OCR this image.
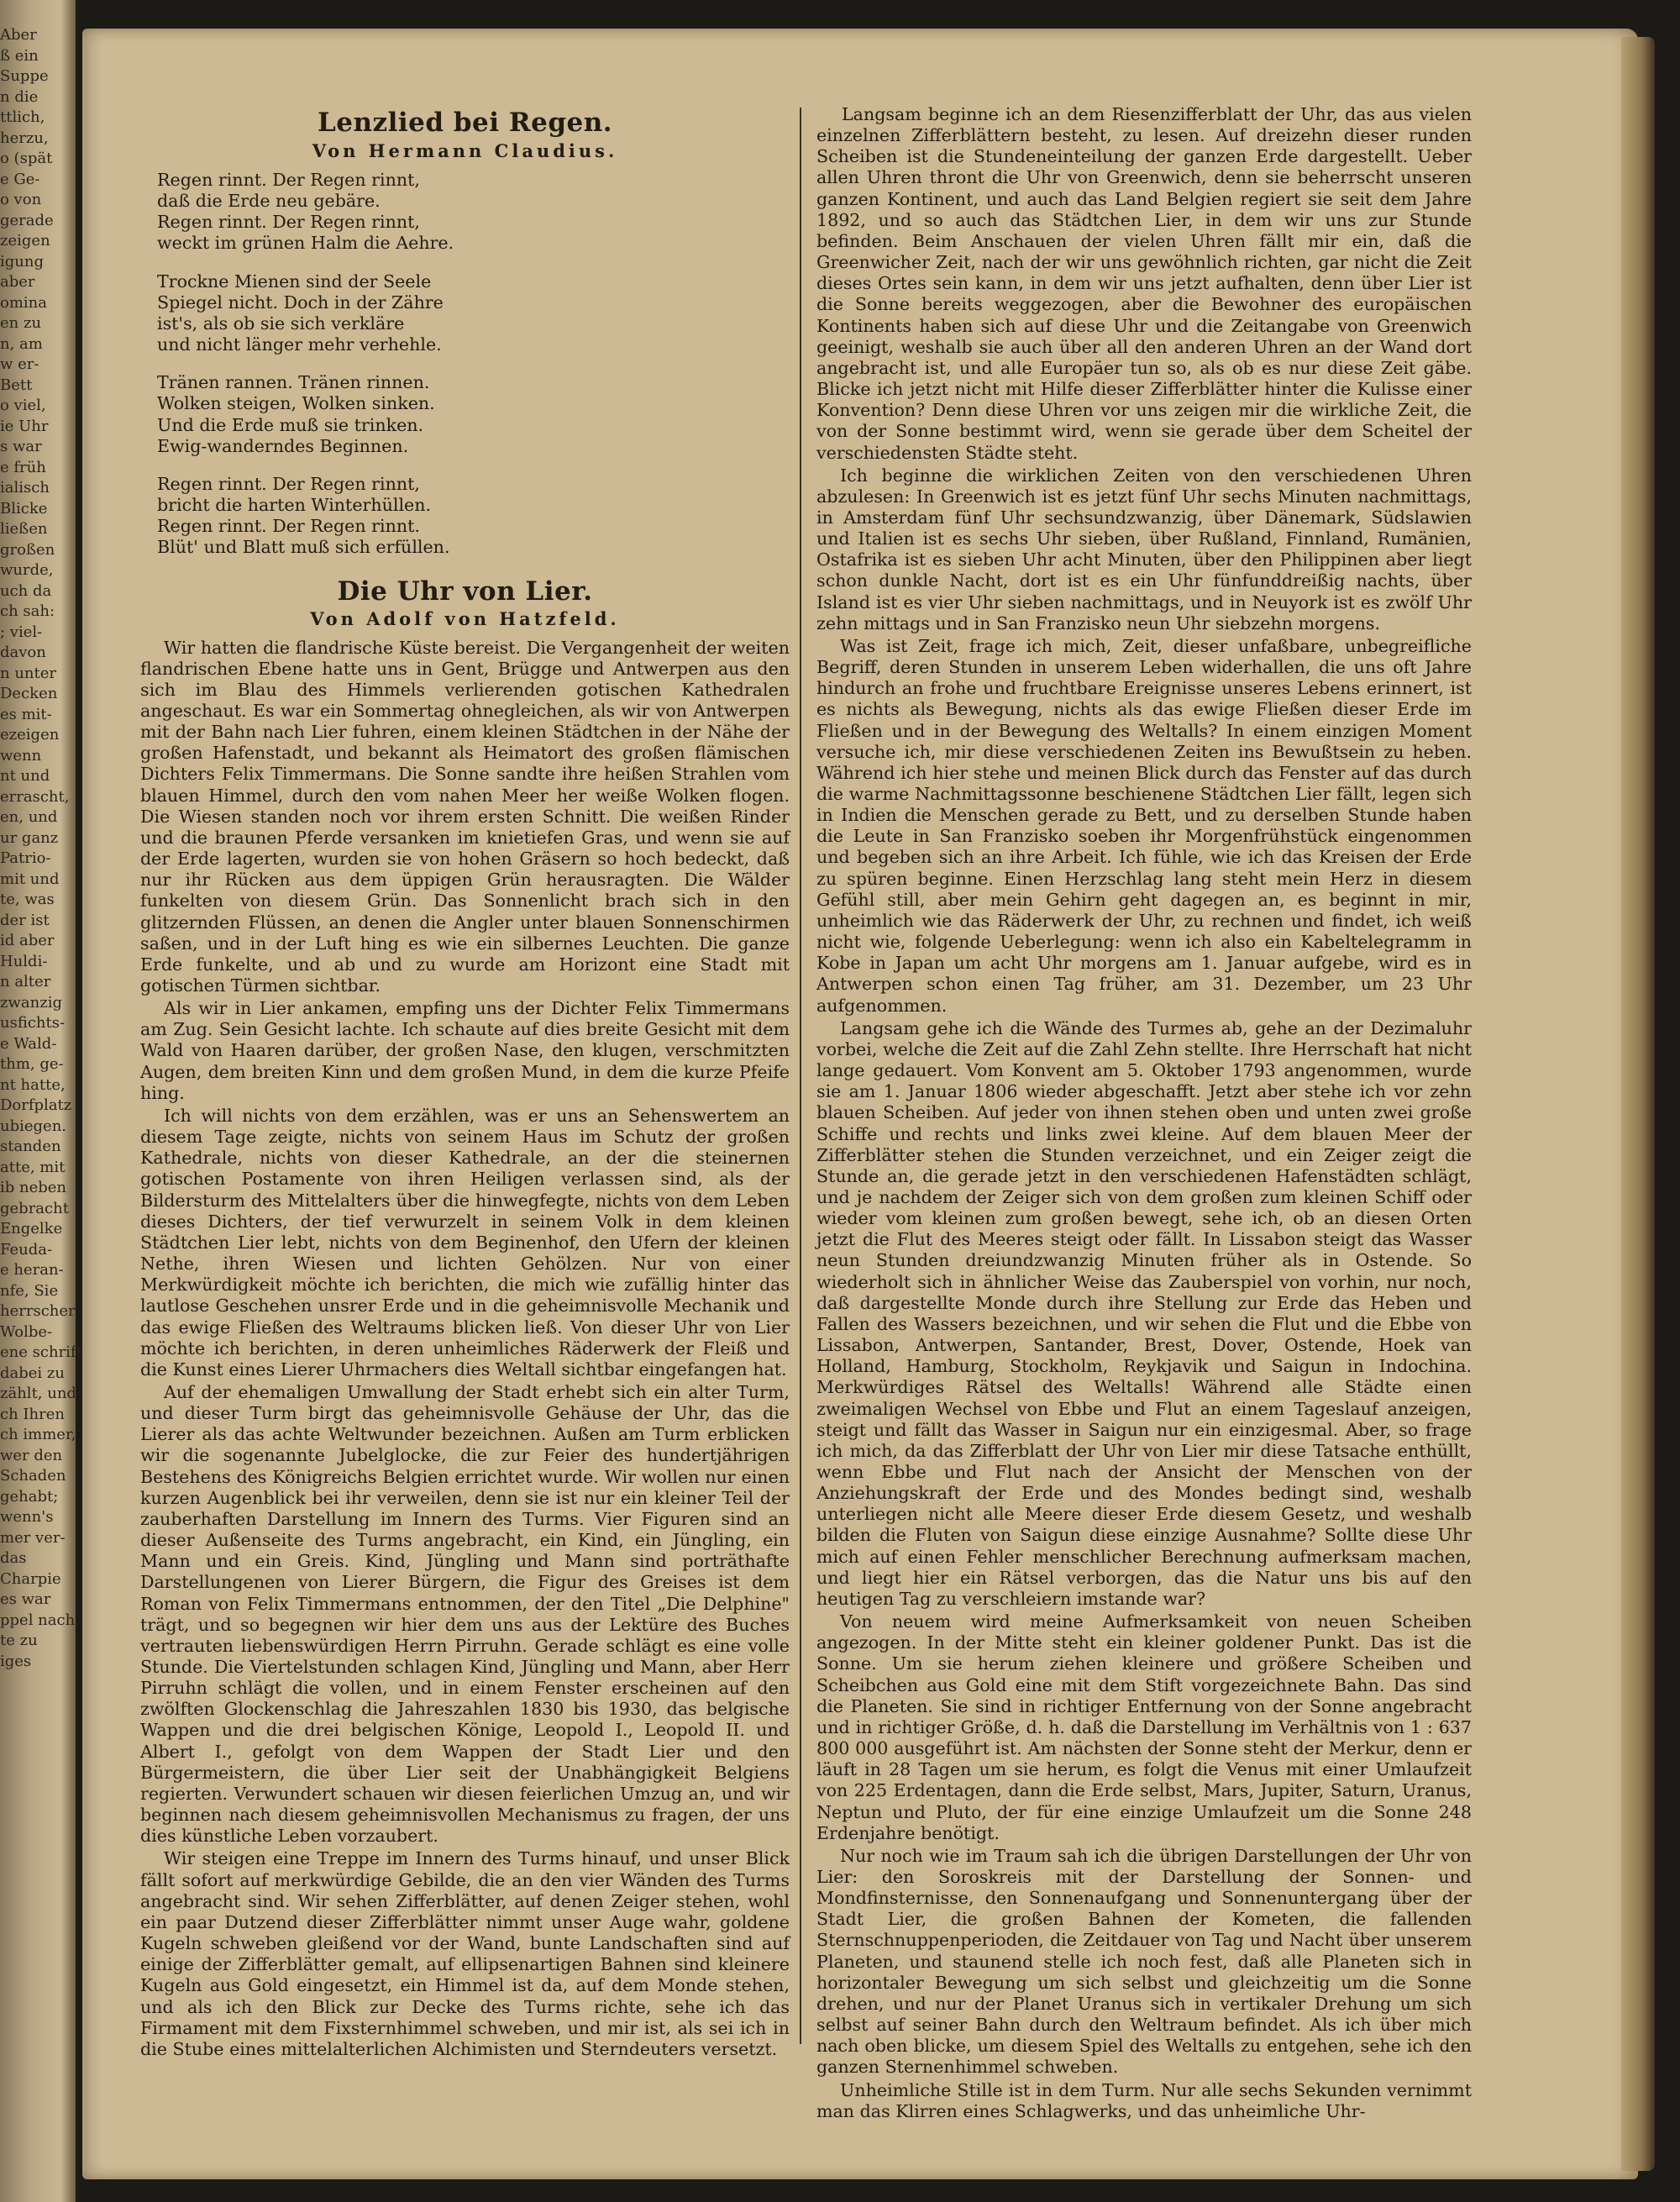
Aber
ß ein
Suppe
n die
ttlich,
herzu,
o (spät
e Ge-
o von
gerade
zeigen
igung
aber
omina
en zu
n, am
w er-
Bett
o viel,
ie Uhr
s war
e früh
ialisch
Blicke
ließen
großen
wurde,
uch da
ch sah:
; viel-
davon
n unter
Decken
es mit-
ezeigen
wenn
nt und
errascht,
en, und
ur ganz
Patrio-
mit und
te, was
der ist
id aber
Huldi-
n alter
zwanzig
usfichts-
e Wald-
thm, ge-
nt hatte,
Dorfplatz
ubiegen.
standen
atte, mit
ib neben
gebracht
Engelke
Feuda-
e heran-
nfe, Sie
herrscher
Wolbe-
ene schrift
dabei zu
zählt, und
ch Ihren
ch immer,
wer den
Schaden
gehabt;
wenn's
mer ver-
das
Charpie
es war
ppel nach
te zu
iges
Lenzlied bei Regen.
Von Hermann Claudius.
Regen rinnt. Der Regen rinnt,
daß die Erde neu gebäre.
Regen rinnt. Der Regen rinnt,
weckt im grünen Halm die Aehre.
Trockne Mienen sind der Seele
Spiegel nicht. Doch in der Zähre
ist's, als ob sie sich verkläre
und nicht länger mehr verhehle.
Tränen rannen. Tränen rinnen.
Wolken steigen, Wolken sinken.
Und die Erde muß sie trinken.
Ewig-wanderndes Beginnen.
Regen rinnt. Der Regen rinnt,
bricht die harten Winterhüllen.
Regen rinnt. Der Regen rinnt.
Blüt' und Blatt muß sich erfüllen.
Die Uhr von Lier.
Von Adolf von Hatzfeld.

Wir hatten die flandrische Küste bereist. Die Vergangenheit der weiten flandrischen Ebene hatte uns in Gent, Brügge und Antwerpen aus den sich im Blau des Himmels verlierenden gotischen Kathedralen angeschaut. Es war ein Sommertag ohnegleichen, als wir von Antwerpen mit der Bahn nach Lier fuhren, einem kleinen Städtchen in der Nähe der großen Hafenstadt, und bekannt als Heimatort des großen flämischen Dichters Felix Timmermans. Die Sonne sandte ihre heißen Strahlen vom blauen Himmel, durch den vom nahen Meer her weiße Wolken flogen. Die Wiesen standen noch vor ihrem ersten Schnitt. Die weißen Rinder und die braunen Pferde versanken im knietiefen Gras, und wenn sie auf der Erde lagerten, wurden sie von hohen Gräsern so hoch bedeckt, daß nur ihr Rücken aus dem üppigen Grün herausragten. Die Wälder funkelten von diesem Grün. Das Sonnenlicht brach sich in den glitzernden Flüssen, an denen die Angler unter blauen Sonnenschirmen saßen, und in der Luft hing es wie ein silbernes Leuchten. Die ganze Erde funkelte, und ab und zu wurde am Horizont eine Stadt mit gotischen Türmen sichtbar.

Als wir in Lier ankamen, empfing uns der Dichter Felix Timmermans am Zug. Sein Gesicht lachte. Ich schaute auf dies breite Gesicht mit dem Wald von Haaren darüber, der großen Nase, den klugen, verschmitzten Augen, dem breiten Kinn und dem großen Mund, in dem die kurze Pfeife hing.

Ich will nichts von dem erzählen, was er uns an Sehenswertem an diesem Tage zeigte, nichts von seinem Haus im Schutz der großen Kathedrale, nichts von dieser Kathedrale, an der die steinernen gotischen Postamente von ihren Heiligen verlassen sind, als der Bildersturm des Mittelalters über die hinwegfegte, nichts von dem Leben dieses Dichters, der tief verwurzelt in seinem Volk in dem kleinen Städtchen Lier lebt, nichts von dem Beginenhof, den Ufern der kleinen Nethe, ihren Wiesen und lichten Gehölzen. Nur von einer Merkwürdigkeit möchte ich berichten, die mich wie zufällig hinter das lautlose Geschehen unsrer Erde und in die geheimnisvolle Mechanik und das ewige Fließen des Weltraums blicken ließ. Von dieser Uhr von Lier möchte ich berichten, in deren unheimliches Räderwerk der Fleiß und die Kunst eines Lierer Uhrmachers dies Weltall sichtbar eingefangen hat.

Auf der ehemaligen Umwallung der Stadt erhebt sich ein alter Turm, und dieser Turm birgt das geheimnisvolle Gehäuse der Uhr, das die Lierer als das achte Weltwunder bezeichnen. Außen am Turm erblicken wir die sogenannte Jubelglocke, die zur Feier des hundertjährigen Bestehens des Königreichs Belgien errichtet wurde. Wir wollen nur einen kurzen Augenblick bei ihr verweilen, denn sie ist nur ein kleiner Teil der zauberhaften Darstellung im Innern des Turms. Vier Figuren sind an dieser Außenseite des Turms angebracht, ein Kind, ein Jüngling, ein Mann und ein Greis. Kind, Jüngling und Mann sind porträthafte Darstellungenen von Lierer Bürgern, die Figur des Greises ist dem Roman von Felix Timmermans entnommen, der den Titel „Die Delphine" trägt, und so begegnen wir hier dem uns aus der Lektüre des Buches vertrauten liebenswürdigen Herrn Pirruhn. Gerade schlägt es eine volle Stunde. Die Viertelstunden schlagen Kind, Jüngling und Mann, aber Herr Pirruhn schlägt die vollen, und in einem Fenster erscheinen auf den zwölften Glockenschlag die Jahreszahlen 1830 bis 1930, das belgische Wappen und die drei belgischen Könige, Leopold I., Leopold II. und Albert I., gefolgt von dem Wappen der Stadt Lier und den Bürgermeistern, die über Lier seit der Unabhängigkeit Belgiens regierten. Verwundert schauen wir diesen feierlichen Umzug an, und wir beginnen nach diesem geheimnisvollen Mechanismus zu fragen, der uns dies künstliche Leben vorzaubert.

Wir steigen eine Treppe im Innern des Turms hinauf, und unser Blick fällt sofort auf merkwürdige Gebilde, die an den vier Wänden des Turms angebracht sind. Wir sehen Zifferblätter, auf denen Zeiger stehen, wohl ein paar Dutzend dieser Zifferblätter nimmt unser Auge wahr, goldene Kugeln schweben gleißend vor der Wand, bunte Landschaften sind auf einige der Zifferblätter gemalt, auf ellipsenartigen Bahnen sind kleinere Kugeln aus Gold eingesetzt, ein Himmel ist da, auf dem Monde stehen, und als ich den Blick zur Decke des Turms richte, sehe ich das Firmament mit dem Fixsternhimmel schweben, und mir ist, als sei ich in die Stube eines mittelalterlichen Alchimisten und Sterndeuters versetzt.

Langsam beginne ich an dem Riesenzifferblatt der Uhr, das aus vielen einzelnen Zifferblättern besteht, zu lesen. Auf dreizehn dieser runden Scheiben ist die Stundeneinteilung der ganzen Erde dargestellt. Ueber allen Uhren thront die Uhr von Greenwich, denn sie beherrscht unseren ganzen Kontinent, und auch das Land Belgien regiert sie seit dem Jahre 1892, und so auch das Städtchen Lier, in dem wir uns zur Stunde befinden. Beim Anschauen der vielen Uhren fällt mir ein, daß die Greenwicher Zeit, nach der wir uns gewöhnlich richten, gar nicht die Zeit dieses Ortes sein kann, in dem wir uns jetzt aufhalten, denn über Lier ist die Sonne bereits weggezogen, aber die Bewohner des europäischen Kontinents haben sich auf diese Uhr und die Zeitangabe von Greenwich geeinigt, weshalb sie auch über all den anderen Uhren an der Wand dort angebracht ist, und alle Europäer tun so, als ob es nur diese Zeit gäbe. Blicke ich jetzt nicht mit Hilfe dieser Zifferblätter hinter die Kulisse einer Konvention? Denn diese Uhren vor uns zeigen mir die wirkliche Zeit, die von der Sonne bestimmt wird, wenn sie gerade über dem Scheitel der verschiedensten Städte steht.

Ich beginne die wirklichen Zeiten von den verschiedenen Uhren abzulesen: In Greenwich ist es jetzt fünf Uhr sechs Minuten nachmittags, in Amsterdam fünf Uhr sechsundzwanzig, über Dänemark, Südslawien und Italien ist es sechs Uhr sieben, über Rußland, Finnland, Rumänien, Ostafrika ist es sieben Uhr acht Minuten, über den Philippinen aber liegt schon dunkle Nacht, dort ist es ein Uhr fünfunddreißig nachts, über Island ist es vier Uhr sieben nachmittags, und in Neuyork ist es zwölf Uhr zehn mittags und in San Franzisko neun Uhr siebzehn morgens.

Was ist Zeit, frage ich mich, Zeit, dieser unfaßbare, unbegreifliche Begriff, deren Stunden in unserem Leben widerhallen, die uns oft Jahre hindurch an frohe und fruchtbare Ereignisse unseres Lebens erinnert, ist es nichts als Bewegung, nichts als das ewige Fließen dieser Erde im Fließen und in der Bewegung des Weltalls? In einem einzigen Moment versuche ich, mir diese verschiedenen Zeiten ins Bewußtsein zu heben. Während ich hier stehe und meinen Blick durch das Fenster auf das durch die warme Nachmittagssonne beschienene Städtchen Lier fällt, legen sich in Indien die Menschen gerade zu Bett, und zu derselben Stunde haben die Leute in San Franzisko soeben ihr Morgenfrühstück eingenommen und begeben sich an ihre Arbeit. Ich fühle, wie ich das Kreisen der Erde zu spüren beginne. Einen Herzschlag lang steht mein Herz in diesem Gefühl still, aber mein Gehirn geht dagegen an, es beginnt in mir, unheimlich wie das Räderwerk der Uhr, zu rechnen und findet, ich weiß nicht wie, folgende Ueberlegung: wenn ich also ein Kabeltelegramm in Kobe in Japan um acht Uhr morgens am 1. Januar aufgebe, wird es in Antwerpen schon einen Tag früher, am 31. Dezember, um 23 Uhr aufgenommen.

Langsam gehe ich die Wände des Turmes ab, gehe an der Dezimaluhr vorbei, welche die Zeit auf die Zahl Zehn stellte. Ihre Herrschaft hat nicht lange gedauert. Vom Konvent am 5. Oktober 1793 angenommen, wurde sie am 1. Januar 1806 wieder abgeschafft. Jetzt aber stehe ich vor zehn blauen Scheiben. Auf jeder von ihnen stehen oben und unten zwei große Schiffe und rechts und links zwei kleine. Auf dem blauen Meer der Zifferblätter stehen die Stunden verzeichnet, und ein Zeiger zeigt die Stunde an, die gerade jetzt in den verschiedenen Hafenstädten schlägt, und je nachdem der Zeiger sich von dem großen zum kleinen Schiff oder wieder vom kleinen zum großen bewegt, sehe ich, ob an diesen Orten jetzt die Flut des Meeres steigt oder fällt. In Lissabon steigt das Wasser neun Stunden dreiundzwanzig Minuten früher als in Ostende. So wiederholt sich in ähnlicher Weise das Zauberspiel von vorhin, nur noch, daß dargestellte Monde durch ihre Stellung zur Erde das Heben und Fallen des Wassers bezeichnen, und wir sehen die Flut und die Ebbe von Lissabon, Antwerpen, Santander, Brest, Dover, Ostende, Hoek van Holland, Hamburg, Stockholm, Reykjavik und Saigun in Indochina. Merkwürdiges Rätsel des Weltalls! Während alle Städte einen zweimaligen Wechsel von Ebbe und Flut an einem Tageslauf anzeigen, steigt und fällt das Wasser in Saigun nur ein einzigesmal. Aber, so frage ich mich, da das Zifferblatt der Uhr von Lier mir diese Tatsache enthüllt, wenn Ebbe und Flut nach der Ansicht der Menschen von der Anziehungskraft der Erde und des Mondes bedingt sind, weshalb unterliegen nicht alle Meere dieser Erde diesem Gesetz, und weshalb bilden die Fluten von Saigun diese einzige Ausnahme? Sollte diese Uhr mich auf einen Fehler menschlicher Berechnung aufmerksam machen, und liegt hier ein Rätsel verborgen, das die Natur uns bis auf den heutigen Tag zu verschleiern imstande war?

Von neuem wird meine Aufmerksamkeit von neuen Scheiben angezogen. In der Mitte steht ein kleiner goldener Punkt. Das ist die Sonne. Um sie herum ziehen kleinere und größere Scheiben und Scheibchen aus Gold eine mit dem Stift vorgezeichnete Bahn. Das sind die Planeten. Sie sind in richtiger Entfernung von der Sonne angebracht und in richtiger Größe, d. h. daß die Darstellung im Verhältnis von 1 : 637 800 000 ausgeführt ist. Am nächsten der Sonne steht der Merkur, denn er läuft in 28 Tagen um sie herum, es folgt die Venus mit einer Umlaufzeit von 225 Erdentagen, dann die Erde selbst, Mars, Jupiter, Saturn, Uranus, Neptun und Pluto, der für eine einzige Umlaufzeit um die Sonne 248 Erdenjahre benötigt.

Nur noch wie im Traum sah ich die übrigen Darstellungen der Uhr von Lier: den Soroskreis mit der Darstellung der Sonnen- und Mondfinsternisse, den Sonnenaufgang und Sonnenuntergang über der Stadt Lier, die großen Bahnen der Kometen, die fallenden Sternschnuppenperioden, die Zeitdauer von Tag und Nacht über unserem Planeten, und staunend stelle ich noch fest, daß alle Planeten sich in horizontaler Bewegung um sich selbst und gleichzeitig um die Sonne drehen, und nur der Planet Uranus sich in vertikaler Drehung um sich selbst auf seiner Bahn durch den Weltraum befindet. Als ich über mich nach oben blicke, um diesem Spiel des Weltalls zu entgehen, sehe ich den ganzen Sternenhimmel schweben.

Unheimliche Stille ist in dem Turm. Nur alle sechs Sekunden vernimmt man das Klirren eines Schlagwerks, und das unheimliche Uhr-
